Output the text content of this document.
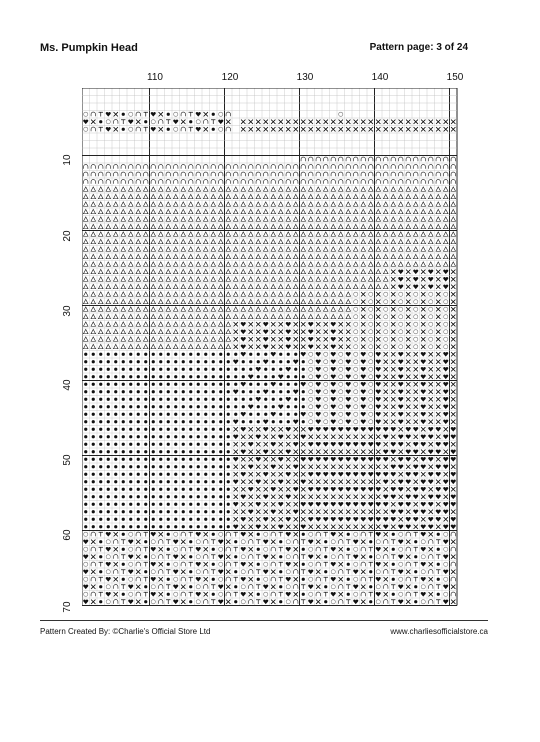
Ms. Pumpkin Head	Pattern page: 3 of 24
110	120	130	140	150
10
20
30
40
50
60
70
Pattern Created By: ©Charlie's Official Store Ltd	www.charliesofficialstore.ca
